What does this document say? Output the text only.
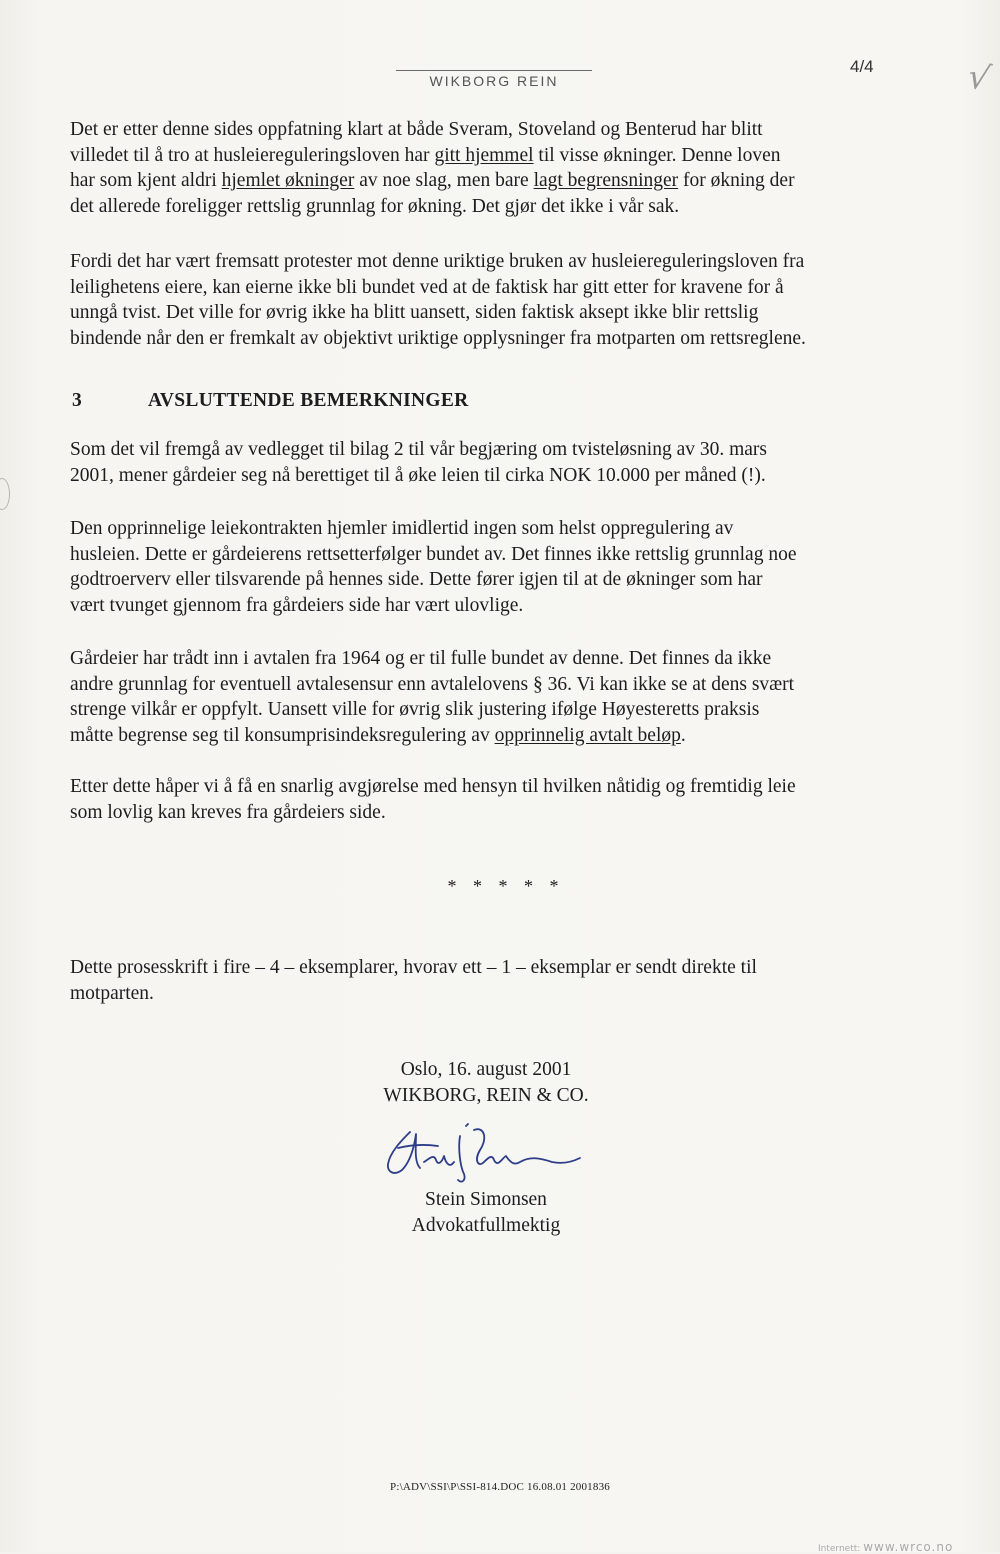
WIKBORG REIN
4/4	√
Det er etter denne sides oppfatning klart at både Sveram, Stoveland og Benterud har blitt
villedet til å tro at husleiereguleringsloven har gitt hjemmel til visse økninger. Denne loven
har som kjent aldri hjemlet økninger av noe slag, men bare lagt begrensninger for økning der
det allerede foreligger rettslig grunnlag for økning. Det gjør det ikke i vår sak.
Fordi det har vært fremsatt protester mot denne uriktige bruken av husleiereguleringsloven fra
leilighetens eiere, kan eierne ikke bli bundet ved at de faktisk har gitt etter for kravene for å
unngå tvist. Det ville for øvrig ikke ha blitt uansett, siden faktisk aksept ikke blir rettslig
bindende når den er fremkalt av objektivt uriktige opplysninger fra motparten om rettsreglene.
3	AVSLUTTENDE BEMERKNINGER
Som det vil fremgå av vedlegget til bilag 2 til vår begjæring om tvisteløsning av 30. mars
2001, mener gårdeier seg nå berettiget til å øke leien til cirka NOK 10.000 per måned (!).
Den opprinnelige leiekontrakten hjemler imidlertid ingen som helst oppregulering av
husleien. Dette er gårdeierens rettsetterfølger bundet av. Det finnes ikke rettslig grunnlag noe
godtroerverv eller tilsvarende på hennes side. Dette fører igjen til at de økninger som har
vært tvunget gjennom fra gårdeiers side har vært ulovlige.
Gårdeier har trådt inn i avtalen fra 1964 og er til fulle bundet av denne. Det finnes da ikke
andre grunnlag for eventuell avtalesensur enn avtalelovens § 36. Vi kan ikke se at dens svært
strenge vilkår er oppfylt. Uansett ville for øvrig slik justering ifølge Høyesteretts praksis
måtte begrense seg til konsumprisindeksregulering av opprinnelig avtalt beløp.
Etter dette håper vi å få en snarlig avgjørelse med hensyn til hvilken nåtidig og fremtidig leie
som lovlig kan kreves fra gårdeiers side.
* * * * *
Dette prosesskrift i fire – 4 – eksemplarer, hvorav ett – 1 – eksemplar er sendt direkte til
motparten.
Oslo, 16. august 2001
WIKBORG, REIN & CO.
Stein Simonsen
Advokatfullmektig
P:\ADV\SSI\P\SSI-814.DOC 16.08.01 2001836
Internett: www.wrco.no
